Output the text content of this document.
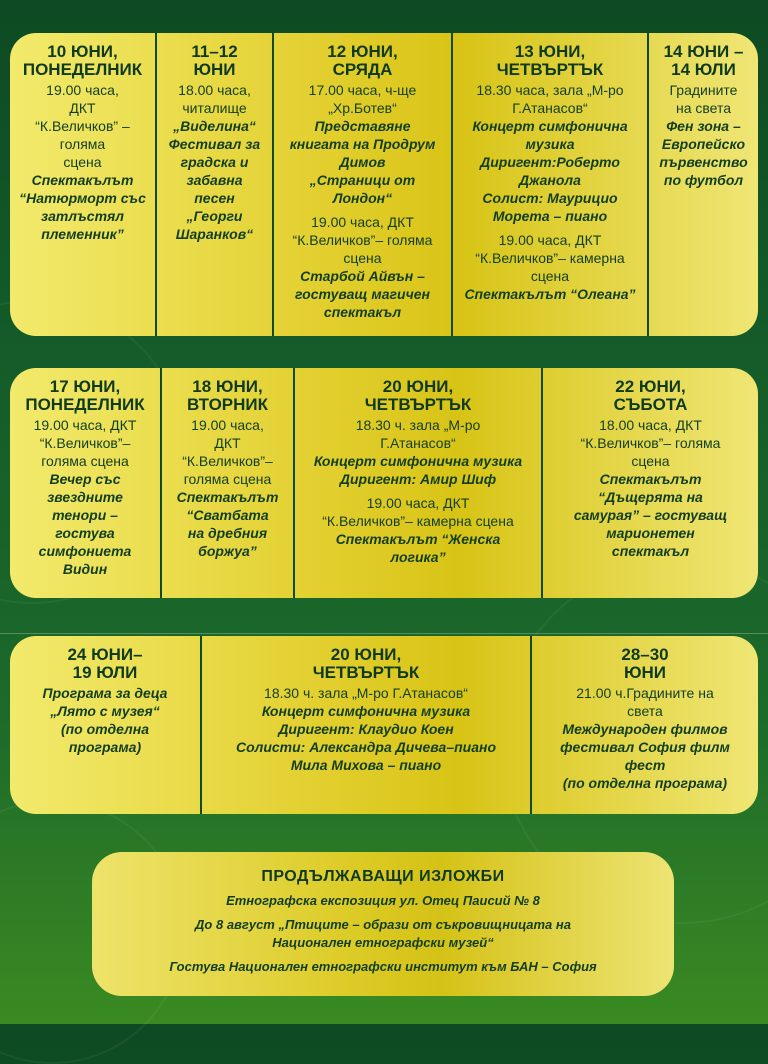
10 ЮНИ,
ПОНЕДЕЛНИК
19.00 часа,
ДКТ
“К.Величков” – голяма
сцена
Спектакълът
“Натюрморт със
затлъстял
племенник”
11–12
ЮНИ
18.00 часа,
читалище
„Виделина“
Фестивал за
градска и
забавна
песен
„Георги
Шаранков“
12 ЮНИ,
СРЯДА
17.00 часа, ч-ще
„Хр.Ботев“
Представяне
книгата на Продрум
Димов
„Страници от
Лондон“
19.00 часа, ДКТ
“К.Величков”– голяма
сцена
Старбой Айвън –
гостуващ магичен
спектакъл
13 ЮНИ,
ЧЕТВЪРТЪК
18.30 часа, зала „М-ро
Г.Атанасов“
Концерт симфонична
музика
Диригент:Роберто
Джанола
Солист: Маурицио
Морета – пиано
19.00 часа, ДКТ
“К.Величков”– камерна
сцена
Спектакълът “Олеана”
14 ЮНИ –
14 ЮЛИ
Градините
на света
Фен зона –
Европейско
първенство
по футбол
17 ЮНИ,
ПОНЕДЕЛНИК
19.00 часа, ДКТ
“К.Величков”–
голяма сцена
Вечер със
звездните
тенори –
гостува
симфониета
Видин
18 ЮНИ,
ВТОРНИК
19.00 часа,
ДКТ
“К.Величков”–
голяма сцена
Спектакълът
“Сватбата
на дребния
боржуа”
20 ЮНИ,
ЧЕТВЪРТЪК
18.30 ч. зала „М-ро
Г.Атанасов“
Концерт симфонична музика
Диригент: Амир Шиф
19.00 часа, ДКТ
“К.Величков”– камерна сцена
Спектакълът “Женска
логика”
22 ЮНИ,
СЪБОТА
18.00 часа, ДКТ
“К.Величков”– голяма
сцена
Спектакълът
“Дъщерята на
самурая” – гостуващ
марионетен
спектакъл
24 ЮНИ–
19 ЮЛИ
Програма за деца
„Лято с музея“
(по отделна
програма)
20 ЮНИ,
ЧЕТВЪРТЪК
18.30 ч. зала „М-ро Г.Атанасов“
Концерт симфонична музика
Диригент: Клаудио Коен
Солисти: Александра Дичева–пиано
Мила Михова – пиано
28–30
ЮНИ
21.00 ч.Градините на
света
Международен филмов
фестивал София филм
фест
(по отделна програма)
ПРОДЪЛЖАВАЩИ ИЗЛОЖБИ
Етнографска експозиция ул. Отец Паисий № 8
До 8 август „Птиците – образи от съкровищницата на
Национален етнографски музей“
Гостува Национален етнографски институт към БАН – София
